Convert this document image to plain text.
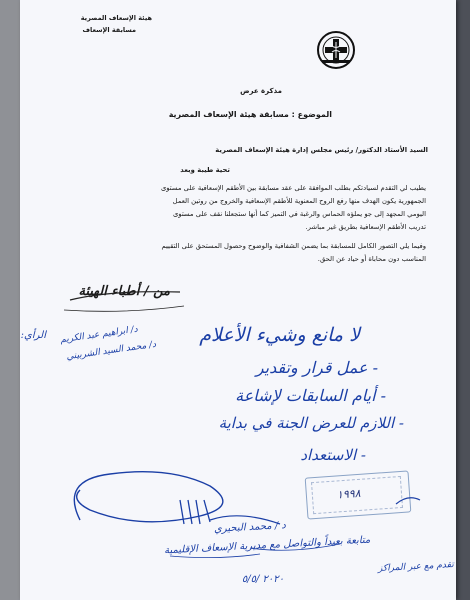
هيئة الإسعاف المصرية
مسابقة الإسعاف
مذكرة عرض
الموضوع : مسابقة هيئة الإسعاف المصرية
السيد الأستاذ الدكتور/ رئيس مجلس إدارة هيئة الإسعاف المصرية
تحية طيبة وبعد
يطيب لي التقدم لسيادتكم بطلب الموافقة على عقد مسابقة بين الأطقم الإسعافية على مستوى
الجمهورية يكون الهدف منها رفع الروح المعنوية للأطقم الإسعافية والخروج من روتين العمل
اليومي المجهد إلى جو يملؤه الحماس والرغبة في التميز كما أنها ستجعلنا نقف على مستوى
تدريب الأطقم الإسعافية بطريق غير مباشر.
وفيما يلي التصور الكامل للمسابقة بما يضمن الشفافية والوضوح وحصول المستحق على التقييم
المناسب دون محاباة أو حياد عن الحق.
من / أطباء الهيئة
الرأي:	لا مانع وشيء الأعلام
- عمل قرار وتقدير
- أيام السابقات لإشاعة
- اللازم للعرض الجنة في بداية
- الاستعداد
د/ ابراهيم عبد الكريم
د/ محمد السيد الشربيني
١٩٩٨
د / محمد البحيري
متابعة بعيداً والتواصل مع مديرية الإسعاف الإقليمية
تقدم مع عبر المراكز
٢٠٢٠ /٥/٥
